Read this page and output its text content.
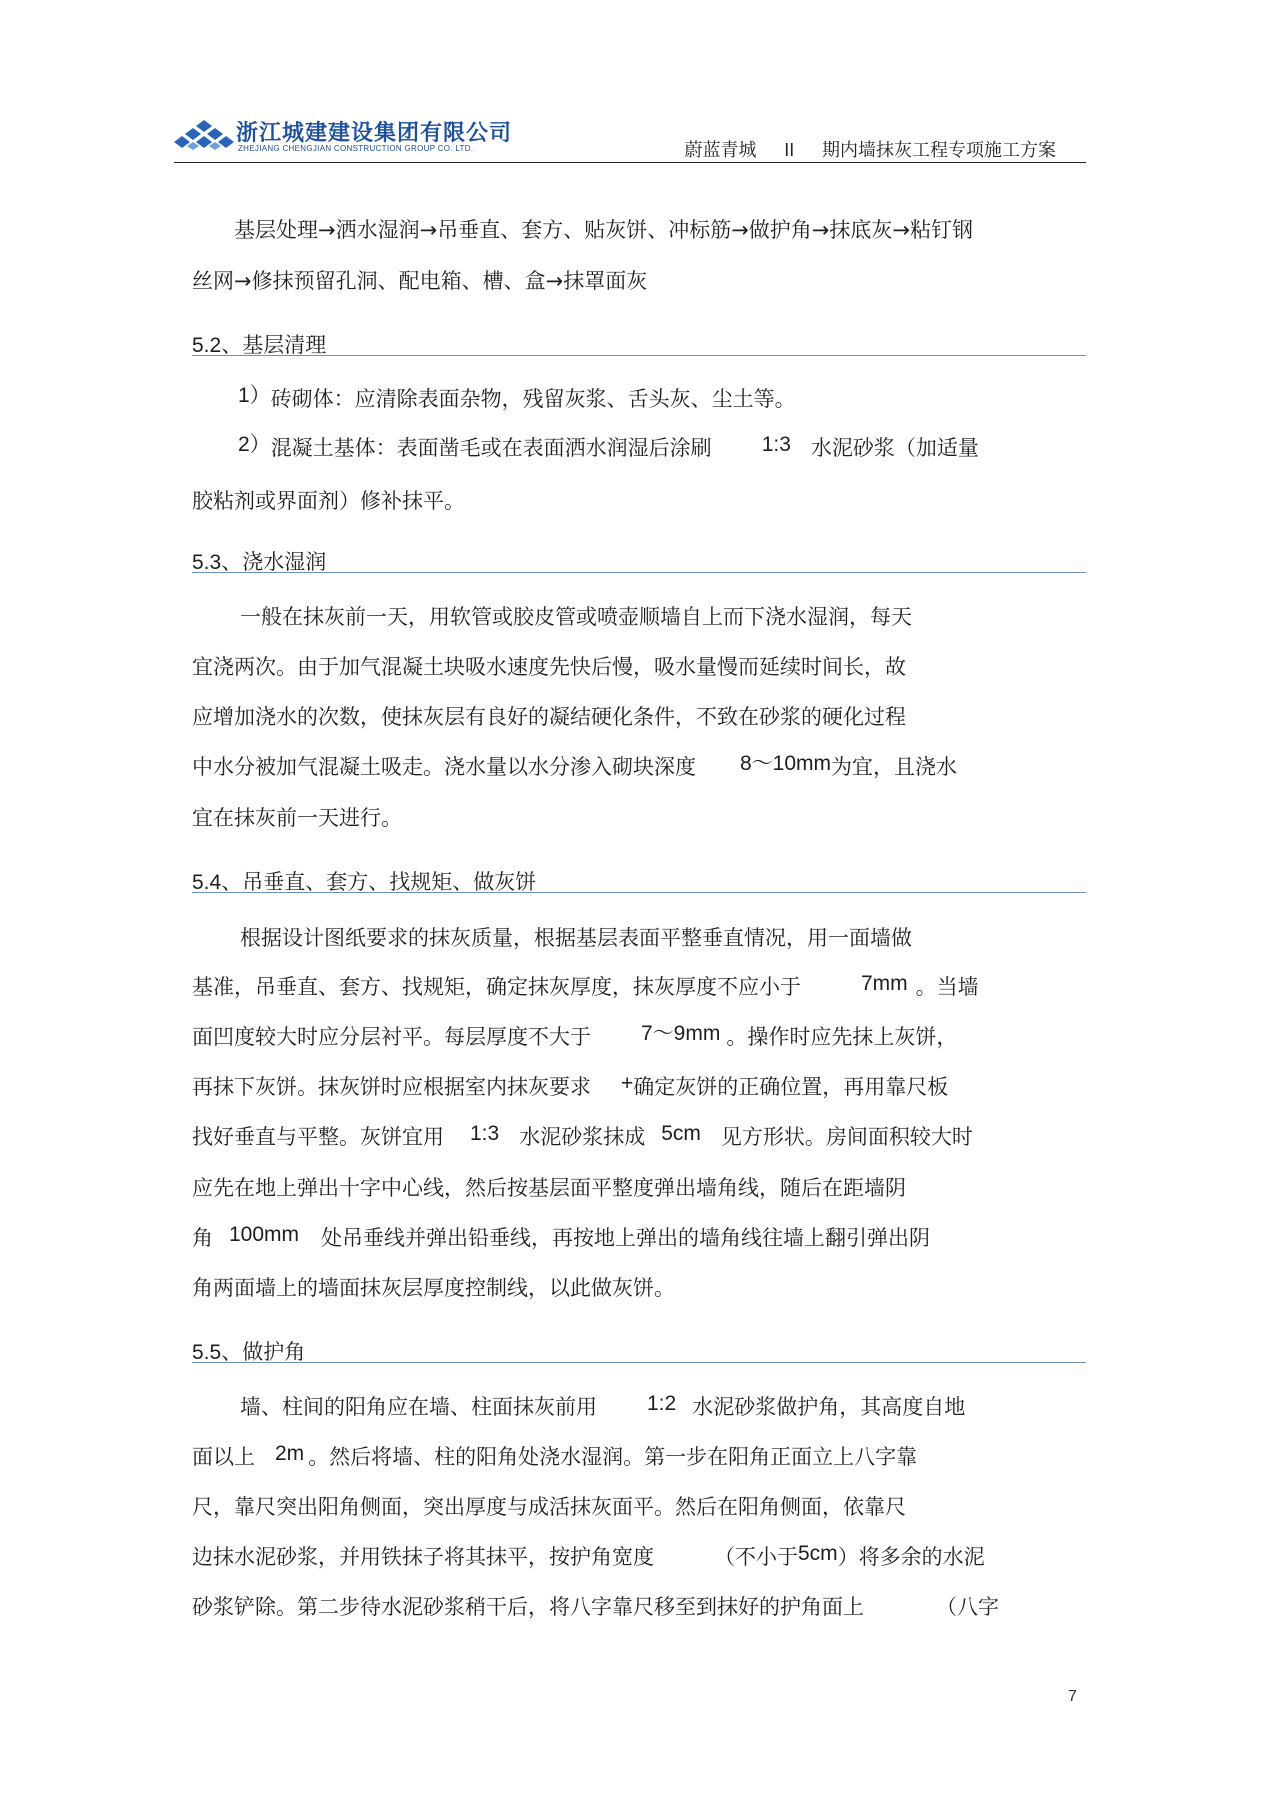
浙江城建建设集团有限公司
ZHEJIANG CHENGJIAN CONSTRUCTION GROUP CO. LTD.	蔚蓝青城 II 期内墙抹灰工程专项施工方案
基层处理→洒水湿润→吊垂直、套方、贴灰饼、冲标筋→做护角→抹底灰→粘钉钢
丝网→修抹预留孔洞、配电箱、槽、盒→抹罩面灰
5.2、基层清理
1）砖砌体：应清除表面杂物，残留灰浆、舌头灰、尘土等。
2）混凝土基体：表面凿毛或在表面洒水润湿后涂刷 1:3 水泥砂浆（加适量
胶粘剂或界面剂）修补抹平。
5.3、浇水湿润
一般在抹灰前一天，用软管或胶皮管或喷壶顺墙自上而下浇水湿润，每天
宜浇两次。由于加气混凝土块吸水速度先快后慢，吸水量慢而延续时间长，故
应增加浇水的次数，使抹灰层有良好的凝结硬化条件，不致在砂浆的硬化过程
中水分被加气混凝土吸走。浇水量以水分渗入砌块深度 8～10mm为宜，且浇水
宜在抹灰前一天进行。
5.4、吊垂直、套方、找规矩、做灰饼
根据设计图纸要求的抹灰质量，根据基层表面平整垂直情况，用一面墙做
基准，吊垂直、套方、找规矩，确定抹灰厚度，抹灰厚度不应小于	7mm 。当墙
面凹度较大时应分层衬平。每层厚度不大于 7～9mm 。操作时应先抹上灰饼，
再抹下灰饼。抹灰饼时应根据室内抹灰要求 +确定灰饼的正确位置，再用靠尺板
找好垂直与平整。灰饼宜用 1:3 水泥砂浆抹成 5cm 见方形状。房间面积较大时
应先在地上弹出十字中心线，然后按基层面平整度弹出墙角线，随后在距墙阴
角 100mm 处吊垂线并弹出铅垂线，再按地上弹出的墙角线往墙上翻引弹出阴
角两面墙上的墙面抹灰层厚度控制线，以此做灰饼。
5.5、做护角
墙、柱间的阳角应在墙、柱面抹灰前用 1:2 水泥砂浆做护角，其高度自地
面以上 2m 。然后将墙、柱的阳角处浇水湿润。第一步在阳角正面立上八字靠
尺，靠尺突出阳角侧面，突出厚度与成活抹灰面平。然后在阳角侧面，依靠尺
边抹水泥砂浆，并用铁抹子将其抹平，按护角宽度	（不小于5cm）将多余的水泥
砂浆铲除。第二步待水泥砂浆稍干后，将八字靠尺移至到抹好的护角面上	（八字
7
